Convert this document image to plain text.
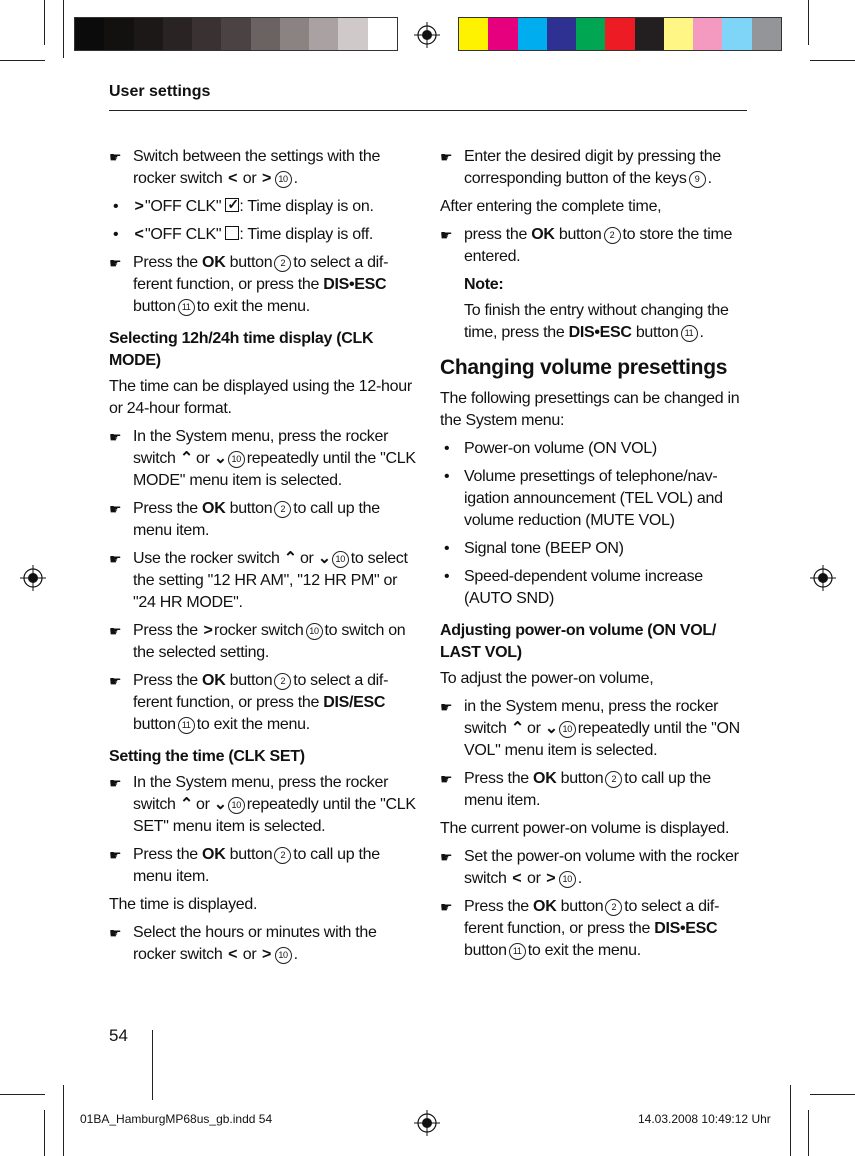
User settings

☛ Switch between the settings with the rocker switch < or > 10 .

• >"OFF CLK" ✓ : Time display is on.

• <"OFF CLK" : Time display is off.

☛ Press the OK button 2 to select a different function, or press the DIS•ESC button 11 to exit the menu.

Selecting 12h/24h time display (CLK MODE)

The time can be displayed using the 12-hour or 24-hour format.

☛ In the System menu, press the rocker switch ⌃ or ⌄ 10 repeatedly until the "CLK MODE" menu item is selected.

☛ Press the OK button 2 to call up the menu item.

☛ Use the rocker switch ⌃ or ⌄ 10 to select the setting "12 HR AM", "12 HR PM" or "24 HR MODE".

☛ Press the >rocker switch 10 to switch on the selected setting.

☛ Press the OK button 2 to select a different function, or press the DIS/ESC button 11 to exit the menu.

Setting the time (CLK SET)

☛ In the System menu, press the rocker switch ⌃ or ⌄ 10 repeatedly until the "CLK SET" menu item is selected.

☛ Press the OK button 2 to call up the menu item.

The time is displayed.

☛ Select the hours or minutes with the rocker switch < or > 10 .

☛ Enter the desired digit by pressing the corresponding button of the keys 9 .

After entering the complete time,

☛ press the OK button 2 to store the time entered.

Note:
To finish the entry without changing the time, press the DIS•ESC button 11 .

Changing volume presettings

The following presettings can be changed in the System menu:

• Power-on volume (ON VOL)

• Volume presettings of telephone/navigation announcement (TEL VOL) and volume reduction (MUTE VOL)

• Signal tone (BEEP ON)

• Speed-dependent volume increase (AUTO SND)

Adjusting power-on volume (ON VOL/ LAST VOL)

To adjust the power-on volume,

☛ in the System menu, press the rocker switch ⌃ or ⌄ 10 repeatedly until the "ON VOL" menu item is selected.

☛ Press the OK button 2 to call up the menu item.

The current power-on volume is displayed.

☛ Set the power-on volume with the rocker switch < or > 10 .

☛ Press the OK button 2 to select a different function, or press the DIS•ESC button 11 to exit the menu.

54
01BA_HamburgMP68us_gb.indd 54	14.03.2008 10:49:12 Uhr
